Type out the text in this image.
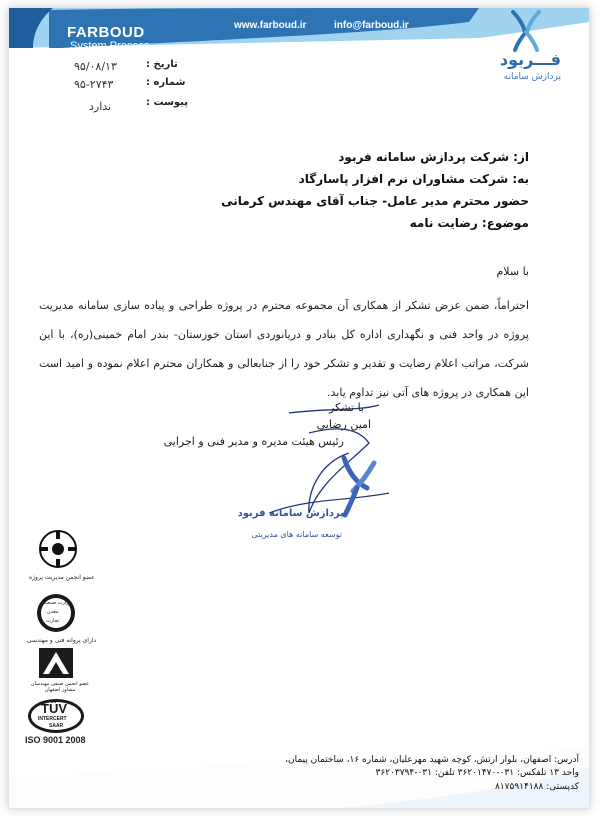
FARBOUD
System Process
www.farboud.ir	info@farboud.ir
فـــربود
پردازش سامانه
تاریخ :
۹۵/۰۸/۱۳
شماره :
۹۵-۲۷۴۳
پیوست :
ندارد
از: شرکت پردازش سامانه فربود
به: شرکت مشاوران نرم افزار پاسارگاد
حضور محترم مدیر عامل- جناب آقای مهندس کرمانی
موضوع: رضایت نامه
با سلام
احتراماً، ضمن عرض تشکر از همکاری آن مجموعه محترم در پروژه طراحی و پیاده سازی سامانه مدیریت پروژه در واحد فنی و نگهداری اداره کل بنادر و دریانوردی استان خوزستان- بندر امام خمینی(ره)، با این شرکت، مراتب اعلام رضایت و تقدیر و تشکر خود را از جنابعالی و همکاران محترم اعلام نموده و امید است این همکاری در پروژه های آتی نیز تداوم یابد.
با تشکر
امین رضایی
رئیس هیئت مدیره و مدیر فنی و اجرایی
پردازش سامانه فربود
توسعه سامانه های مدیریتی
عضو انجمن مدیریت پروژه
وزارت صنعت
معدن
تجارت
دارای پروانه فنی و مهندسی
عضو انجمن صنفی مهندسان مشاور اصفهان
TÜV
INTERCERT
SAAR
ISO 9001 2008
آدرس: اصفهان، بلوار ارتش، کوچه شهید مهرعلیان، شماره ۱۶، ساختمان پیمان،
واحد ۱۳ تلفکس: ۰۳۱-۳۶۲۰۱۴۷۰ تلفن: ۰۳۱-۳۶۲۰۳۷۹۴
کدپستی: ۸۱۷۵۹۱۴۱۸۸
